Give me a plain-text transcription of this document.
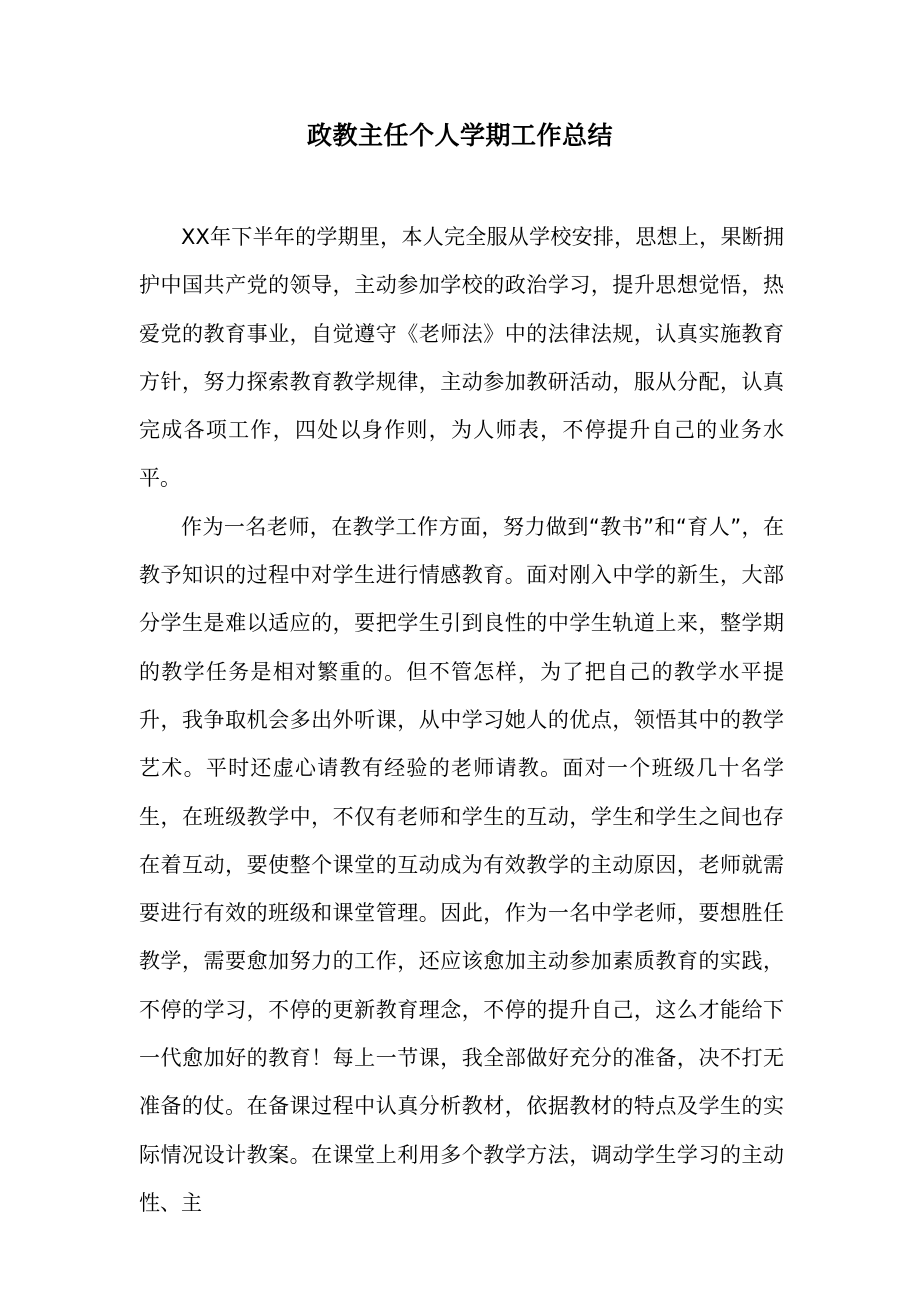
政教主任个人学期工作总结

XX年下半年的学期里，本人完全服从学校安排，思想上，果断拥护中国共产党的领导，主动参加学校的政治学习，提升思想觉悟，热爱党的教育事业，自觉遵守《老师法》中的法律法规，认真实施教育方针，努力探索教育教学规律，主动参加教研活动，服从分配，认真完成各项工作，四处以身作则，为人师表，不停提升自己的业务水平。

作为一名老师，在教学工作方面，努力做到“教书”和“育人”，在教予知识的过程中对学生进行情感教育。面对刚入中学的新生，大部分学生是难以适应的，要把学生引到良性的中学生轨道上来，整学期的教学任务是相对繁重的。但不管怎样，为了把自己的教学水平提升，我争取机会多出外听课，从中学习她人的优点，领悟其中的教学艺术。平时还虚心请教有经验的老师请教。面对一个班级几十名学生，在班级教学中，不仅有老师和学生的互动，学生和学生之间也存在着互动，要使整个课堂的互动成为有效教学的主动原因，老师就需要进行有效的班级和课堂管理。因此，作为一名中学老师，要想胜任教学，需要愈加努力的工作，还应该愈加主动参加素质教育的实践，不停的学习，不停的更新教育理念，不停的提升自己，这么才能给下一代愈加好的教育！每上一节课，我全部做好充分的准备，决不打无准备的仗。在备课过程中认真分析教材，依据教材的特点及学生的实际情况设计教案。在课堂上利用多个教学方法，调动学生学习的主动性、主
